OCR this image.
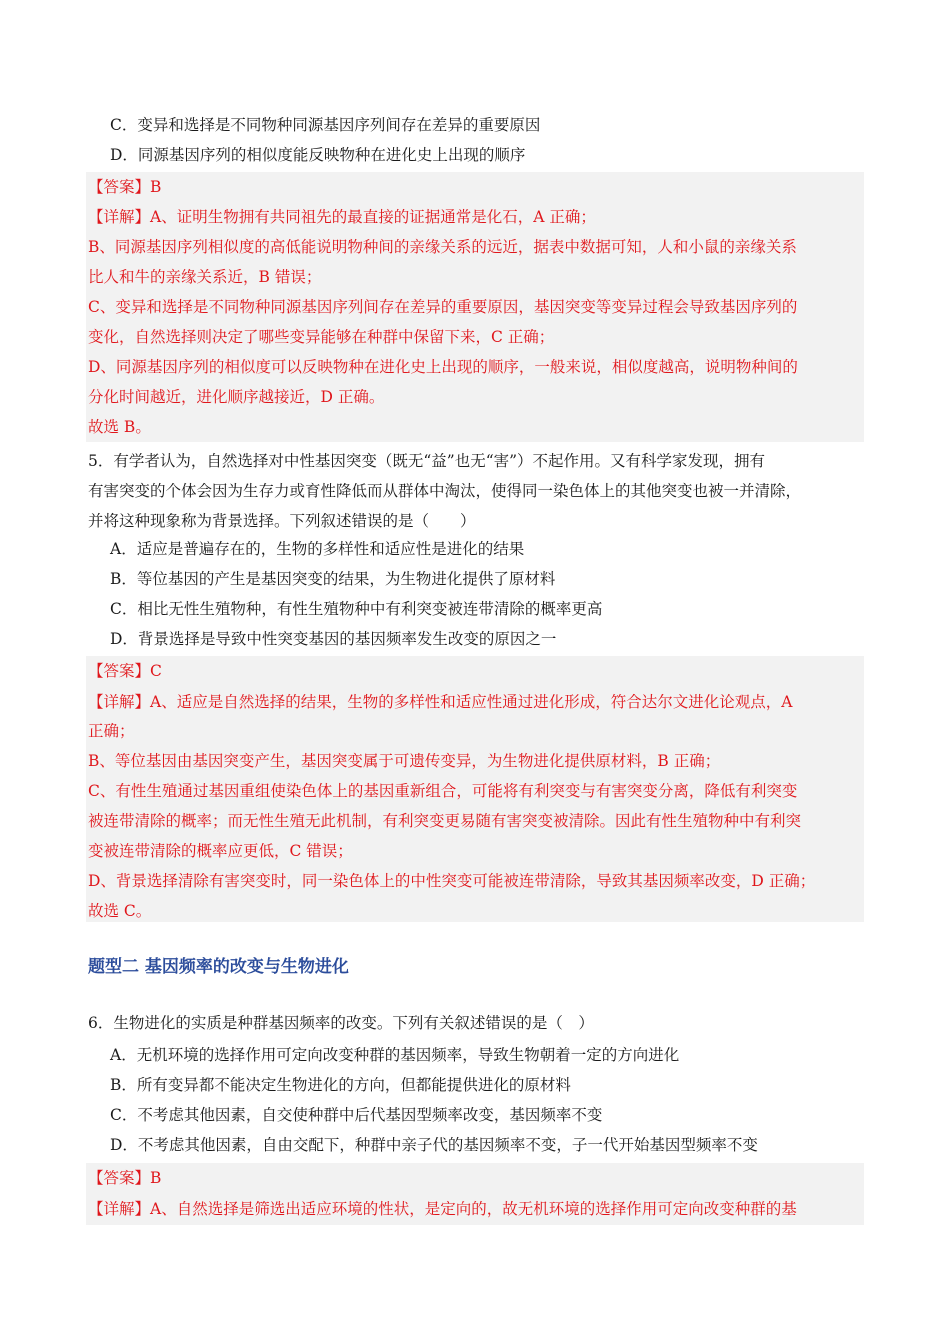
C．变异和选择是不同物种同源基因序列间存在差异的重要原因
D．同源基因序列的相似度能反映物种在进化史上出现的顺序
【答案】B
【详解】A、证明生物拥有共同祖先的最直接的证据通常是化石，A 正确；
B、同源基因序列相似度的高低能说明物种间的亲缘关系的远近，据表中数据可知，人和小鼠的亲缘关系
比人和牛的亲缘关系近，B 错误；
C、变异和选择是不同物种同源基因序列间存在差异的重要原因，基因突变等变异过程会导致基因序列的
变化，自然选择则决定了哪些变异能够在种群中保留下来，C 正确；
D、同源基因序列的相似度可以反映物种在进化史上出现的顺序，一般来说，相似度越高，说明物种间的
分化时间越近，进化顺序越接近，D 正确。
故选 B。
5．有学者认为，自然选择对中性基因突变（既无“益”也无“害”）不起作用。又有科学家发现，拥有
有害突变的个体会因为生存力或育性降低而从群体中淘汰，使得同一染色体上的其他突变也被一并清除，
并将这种现象称为背景选择。下列叙述错误的是（　　）
A．适应是普遍存在的，生物的多样性和适应性是进化的结果
B．等位基因的产生是基因突变的结果，为生物进化提供了原材料
C．相比无性生殖物种，有性生殖物种中有利突变被连带清除的概率更高
D．背景选择是导致中性突变基因的基因频率发生改变的原因之一
【答案】C
【详解】A、适应是自然选择的结果，生物的多样性和适应性通过进化形成，符合达尔文进化论观点，A
正确；
B、等位基因由基因突变产生，基因突变属于可遗传变异，为生物进化提供原材料，B 正确；
C、有性生殖通过基因重组使染色体上的基因重新组合，可能将有利突变与有害突变分离，降低有利突变
被连带清除的概率；而无性生殖无此机制，有利突变更易随有害突变被清除。因此有性生殖物种中有利突
变被连带清除的概率应更低，C 错误；
D、背景选择清除有害突变时，同一染色体上的中性突变可能被连带清除，导致其基因频率改变，D 正确；
故选 C。
题型二 基因频率的改变与生物进化
6．生物进化的实质是种群基因频率的改变。下列有关叙述错误的是（　）
A．无机环境的选择作用可定向改变种群的基因频率，导致生物朝着一定的方向进化
B．所有变异都不能决定生物进化的方向，但都能提供进化的原材料
C．不考虑其他因素，自交使种群中后代基因型频率改变，基因频率不变
D．不考虑其他因素，自由交配下，种群中亲子代的基因频率不变，子一代开始基因型频率不变
【答案】B
【详解】A、自然选择是筛选出适应环境的性状，是定向的，故无机环境的选择作用可定向改变种群的基
